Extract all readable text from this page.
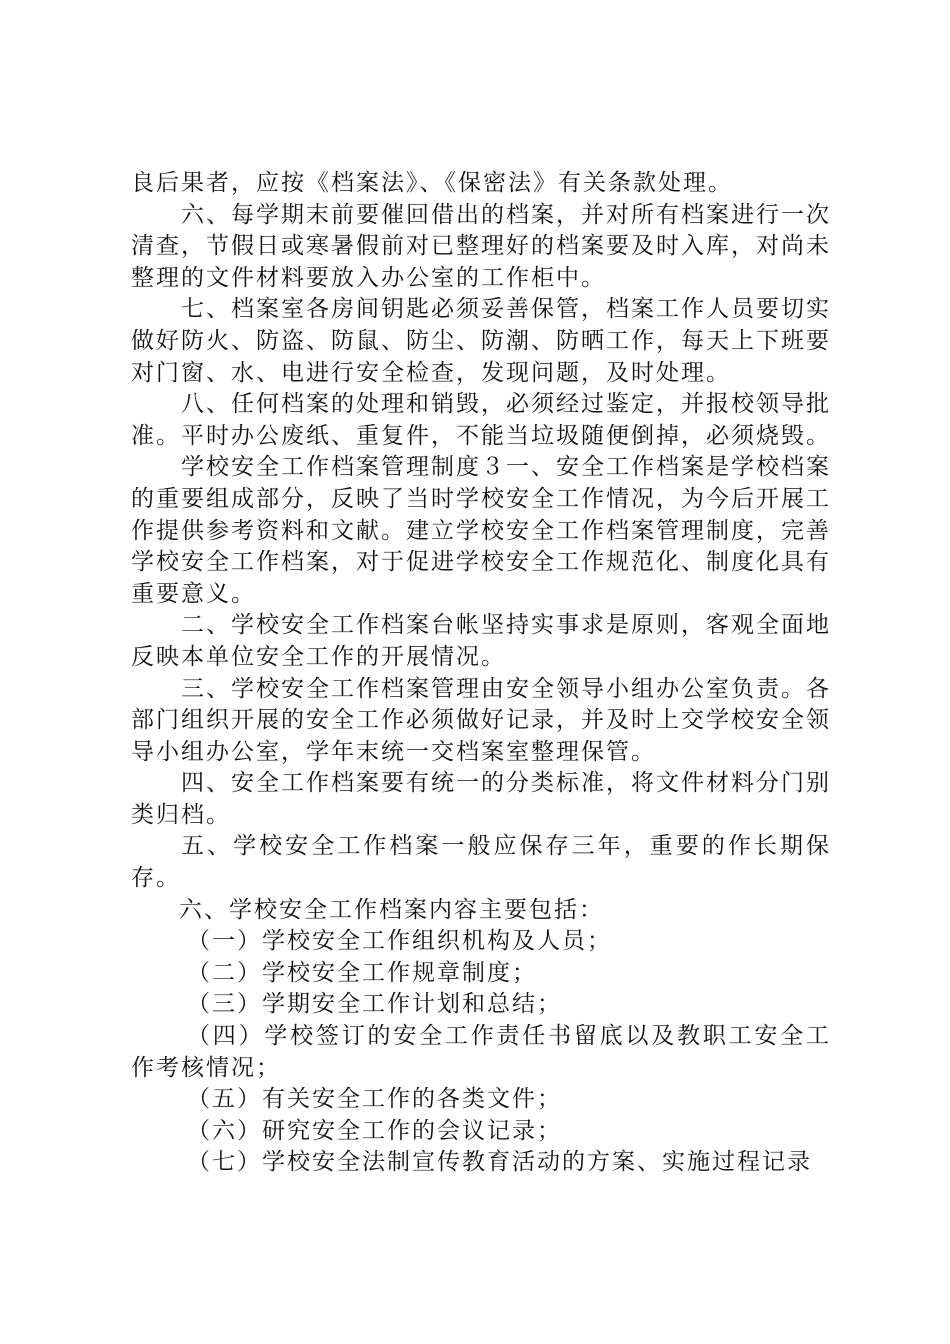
良后果者，应按《档案法》、《保密法》有关条款处理。

六、每学期末前要催回借出的档案，并对所有档案进行一次清查，节假日或寒暑假前对已整理好的档案要及时入库，对尚未整理的文件材料要放入办公室的工作柜中。

七、档案室各房间钥匙必须妥善保管，档案工作人员要切实做好防火、防盗、防鼠、防尘、防潮、防晒工作，每天上下班要对门窗、水、电进行安全检查，发现问题，及时处理。

八、任何档案的处理和销毁，必须经过鉴定，并报校领导批准。平时办公废纸、重复件，不能当垃圾随便倒掉，必须烧毁。

学校安全工作档案管理制度３一、安全工作档案是学校档案的重要组成部分，反映了当时学校安全工作情况，为今后开展工作提供参考资料和文献。建立学校安全工作档案管理制度，完善学校安全工作档案，对于促进学校安全工作规范化、制度化具有重要意义。

二、学校安全工作档案台帐坚持实事求是原则，客观全面地反映本单位安全工作的开展情况。

三、学校安全工作档案管理由安全领导小组办公室负责。各部门组织开展的安全工作必须做好记录，并及时上交学校安全领导小组办公室，学年末统一交档案室整理保管。

四、安全工作档案要有统一的分类标准，将文件材料分门别类归档。

五、学校安全工作档案一般应保存三年，重要的作长期保存。

六、学校安全工作档案内容主要包括：

（一）学校安全工作组织机构及人员；

（二）学校安全工作规章制度；

（三）学期安全工作计划和总结；

（四）学校签订的安全工作责任书留底以及教职工安全工作考核情况；

（五）有关安全工作的各类文件；

（六）研究安全工作的会议记录；

（七）学校安全法制宣传教育活动的方案、实施过程记录
